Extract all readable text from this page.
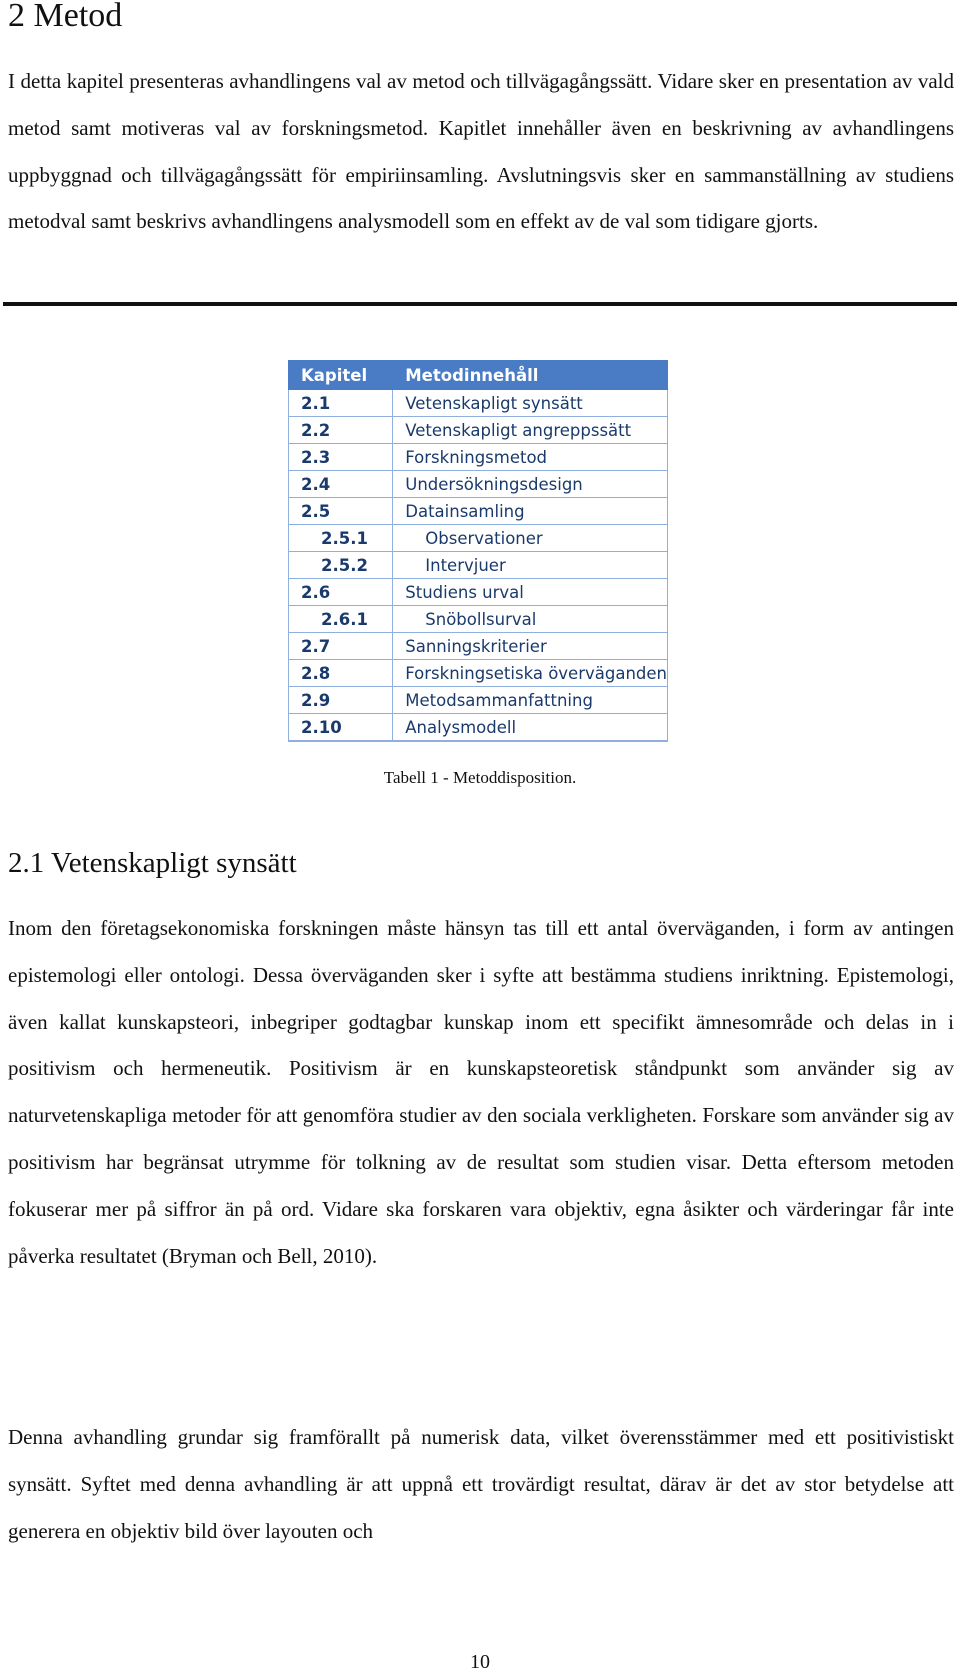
2 Metod

I detta kapitel presenteras avhandlingens val av metod och tillvägagångssätt. Vidare sker en presentation av vald metod samt motiveras val av forskningsmetod. Kapitlet innehåller även en beskrivning av avhandlingens uppbyggnad och tillvägagångssätt för empiriinsamling. Avslutningsvis sker en sammanställning av studiens metodval samt beskrivs avhandlingens analysmodell som en effekt av de val som tidigare gjorts.

Kapitel	Metodinnehåll
2.1	Vetenskapligt synsätt
2.2	Vetenskapligt angreppssätt
2.3	Forskningsmetod
2.4	Undersökningsdesign
2.5	Datainsamling
2.5.1	Observationer
2.5.2	Intervjuer
2.6	Studiens urval
2.6.1	Snöbollsurval
2.7	Sanningskriterier
2.8	Forskningsetiska överväganden
2.9	Metodsammanfattning
2.10	Analysmodell
Tabell 1 - Metoddisposition.
2.1 Vetenskapligt synsätt

Inom den företagsekonomiska forskningen måste hänsyn tas till ett antal överväganden, i form av antingen epistemologi eller ontologi. Dessa överväganden sker i syfte att bestämma studiens inriktning. Epistemologi, även kallat kunskapsteori, inbegriper godtagbar kunskap inom ett specifikt ämnesområde och delas in i positivism och hermeneutik. Positivism är en kunskapsteoretisk ståndpunkt som använder sig av naturvetenskapliga metoder för att genomföra studier av den sociala verkligheten. Forskare som använder sig av positivism har begränsat utrymme för tolkning av de resultat som studien visar. Detta eftersom metoden fokuserar mer på siffror än på ord. Vidare ska forskaren vara objektiv, egna åsikter och värderingar får inte påverka resultatet (Bryman och Bell, 2010).

Denna avhandling grundar sig framförallt på numerisk data, vilket överensstämmer med ett positivistiskt synsätt. Syftet med denna avhandling är att uppnå ett trovärdigt resultat, därav är det av stor betydelse att generera en objektiv bild över layouten och

10
